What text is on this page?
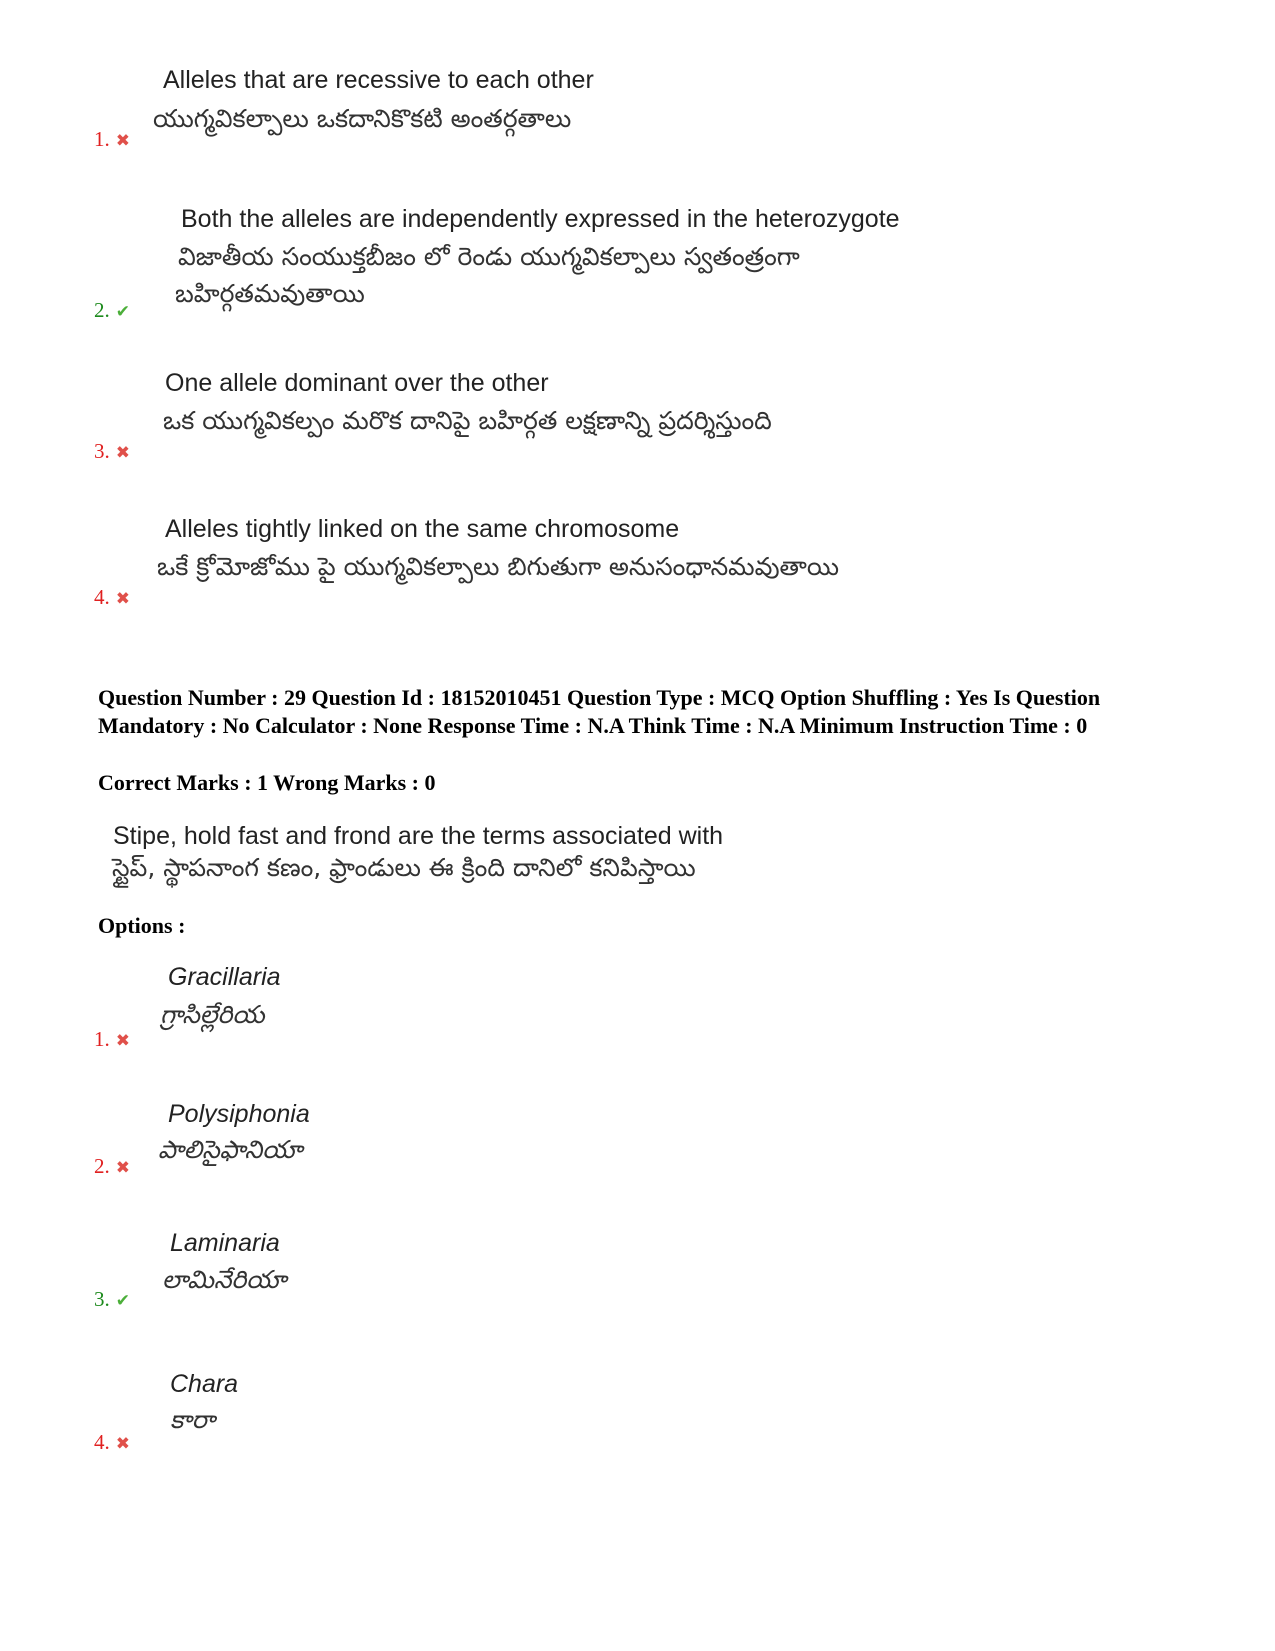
Alleles that are recessive to each other
యుగ్మవికల్పాలు ఒకదానికొకటి అంతర్గతాలు
1. ✖
Both the alleles are independently expressed in the heterozygote
విజాతీయ సంయుక్తబీజం లో రెండు యుగ్మవికల్పాలు స్వతంత్రంగా
బహిర్గతమవుతాయి
2. ✔
One allele dominant over the other
ఒక యుగ్మవికల్పం మరొక దానిపై బహిర్గత లక్షణాన్ని ప్రదర్శిస్తుంది
3. ✖
Alleles tightly linked on the same chromosome
ఒకే క్రోమోజోము పై యుగ్మవికల్పాలు బిగుతుగా అనుసంధానమవుతాయి
4. ✖
Question Number : 29 Question Id : 18152010451 Question Type : MCQ Option Shuffling : Yes Is Question Mandatory : No Calculator : None Response Time : N.A Think Time : N.A Minimum Instruction Time : 0
Correct Marks : 1 Wrong Marks : 0
Stipe, hold fast and frond are the terms associated with
స్టైప్, స్థాపనాంగ కణం, ఫ్రాండులు ఈ క్రింది దానిలో కనిపిస్తాయి
Options :
Gracillaria
గ్రాసిల్లేరియ
1. ✖
Polysiphonia
పాలిసైఫానియా
2. ✖
Laminaria
లామినేరియా
3. ✔
Chara
కారా
4. ✖
